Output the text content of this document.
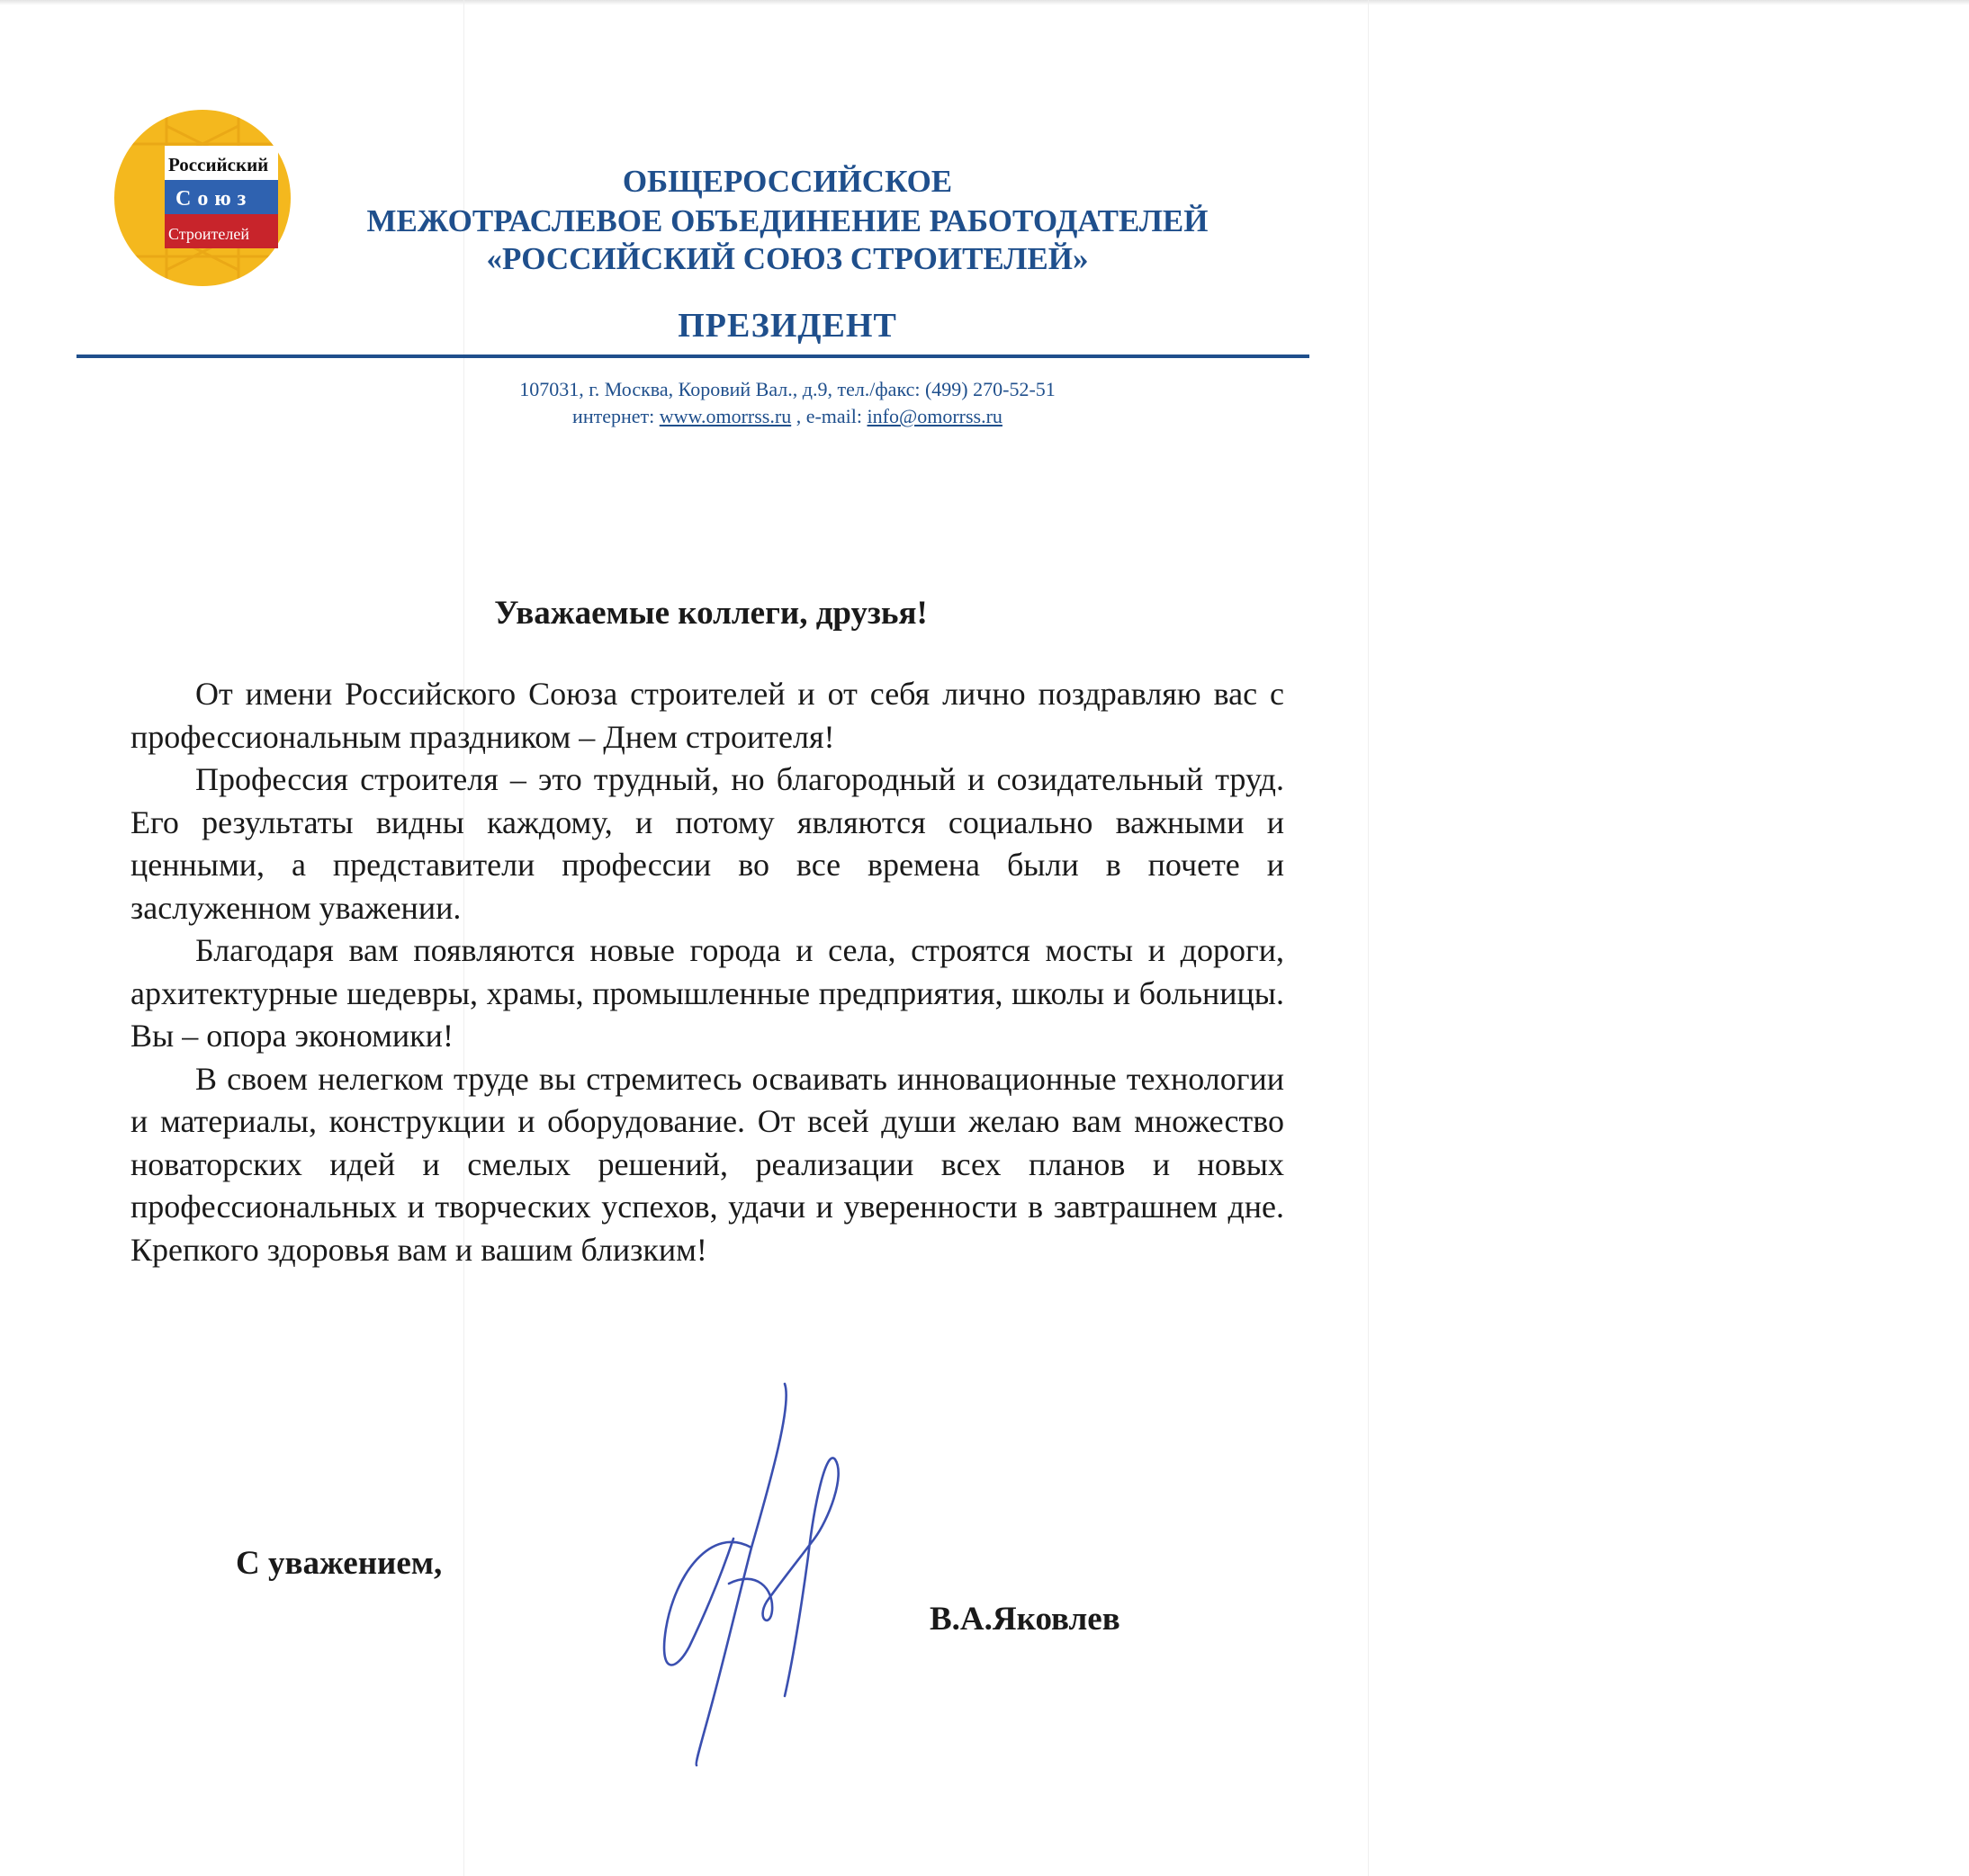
Российский
Союз
Строителей
ОБЩЕРОССИЙСКОЕ
МЕЖОТРАСЛЕВОЕ ОБЪЕДИНЕНИЕ РАБОТОДАТЕЛЕЙ
«РОССИЙСКИЙ СОЮЗ СТРОИТЕЛЕЙ»
ПРЕЗИДЕНТ
107031, г. Москва, Коровий Вал., д.9, тел./факс: (499) 270-52-51
интернет: www.omorrss.ru , e-mail: info@omorrss.ru
Уважаемые коллеги, друзья!

От имени Российского Союза строителей и от себя лично поздравляю вас с профессиональным праздником – Днем строителя!

Профессия строителя – это трудный, но благородный и созидательный труд. Его результаты видны каждому, и потому являются социально важными и ценными, а представители профессии во все времена были в почете и заслуженном уважении.

Благодаря вам появляются новые города и села, строятся мосты и дороги, архитектурные шедевры, храмы, промышленные предприятия, школы и больницы. Вы – опора экономики!

В своем нелегком труде вы стремитесь осваивать инновационные технологии и материалы, конструкции и оборудование. От всей души желаю вам множество новаторских идей и смелых решений, реализации всех планов и новых профессиональных и творческих успехов, удачи и уверенности в завтрашнем дне. Крепкого здоровья вам и вашим близким!

С уважением,
В.А.Яковлев
